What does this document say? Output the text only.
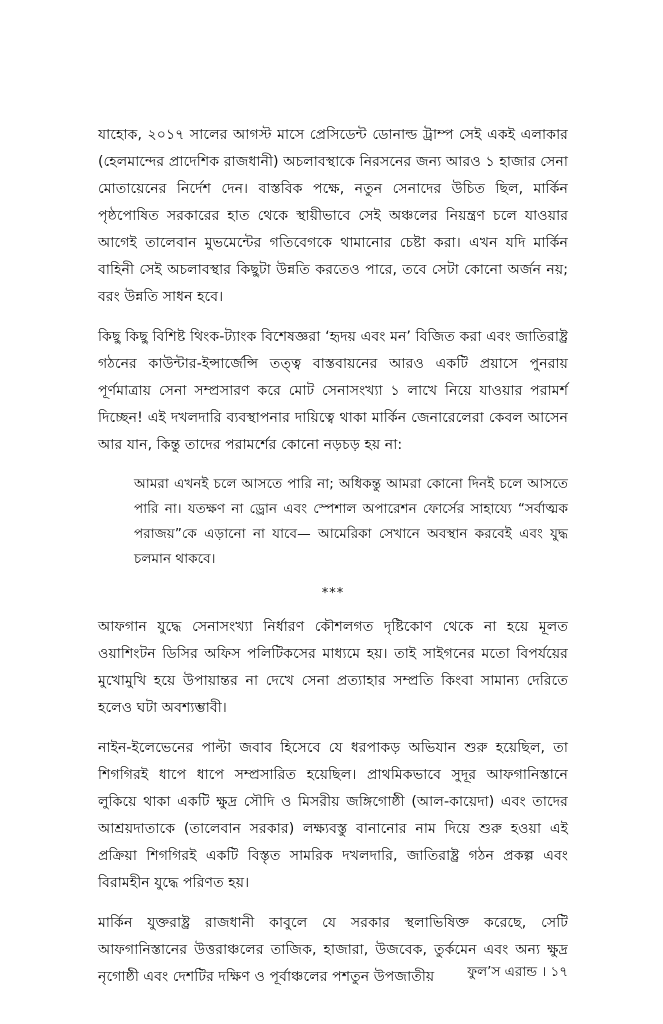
যাহোক, ২০১৭ সালের আগস্ট মাসে প্রেসিডেন্ট ডোনাল্ড ট্রাম্প সেই একই এলাকার (হেলমান্দের প্রাদেশিক রাজধানী) অচলাবস্থাকে নিরসনের জন্য আরও ১ হাজার সেনা মোতায়েনের নির্দেশ দেন। বাস্তবিক পক্ষে, নতুন সেনাদের উচিত ছিল, মার্কিন পৃষ্ঠপোষিত সরকারের হাত থেকে স্থায়ীভাবে সেই অঞ্চলের নিয়ন্ত্রণ চলে যাওয়ার আগেই তালেবান মুভমেন্টের গতিবেগকে থামানোর চেষ্টা করা। এখন যদি মার্কিন বাহিনী সেই অচলাবস্থার কিছুটা উন্নতি করতেও পারে, তবে সেটা কোনো অর্জন নয়; বরং উন্নতি সাধন হবে।

কিছু কিছু বিশিষ্ট থিংক-ট্যাংক বিশেষজ্ঞরা ‘হৃদয় এবং মন’ বিজিত করা এবং জাতিরাষ্ট্র গঠনের কাউন্টার-ইন্সার্জেন্সি তত্ত্ব বাস্তবায়নের আরও একটি প্রয়াসে পুনরায় পূর্ণমাত্রায় সেনা সম্প্রসারণ করে মোট সেনাসংখ্যা ১ লাখে নিয়ে যাওয়ার পরামর্শ দিচ্ছেন! এই দখলদারি ব্যবস্থাপনার দায়িত্বে থাকা মার্কিন জেনারেলেরা কেবল আসেন আর যান, কিন্তু তাদের পরামর্শের কোনো নড়চড় হয় না:

আমরা এখনই চলে আসতে পারি না; অধিকন্তু আমরা কোনো দিনই চলে আসতে পারি না। যতক্ষণ না ড্রোন এবং স্পেশাল অপারেশন ফোর্সের সাহায্যে “সর্বাত্মক পরাজয়”কে এড়ানো না যাবে— আমেরিকা সেখানে অবস্থান করবেই এবং যুদ্ধ চলমান থাকবে।

***

আফগান যুদ্ধে সেনাসংখ্যা নির্ধারণ কৌশলগত দৃষ্টিকোণ থেকে না হয়ে মূলত ওয়াশিংটন ডিসির অফিস পলিটিকসের মাধ্যমে হয়। তাই সাইগনের মতো বিপর্যয়ের মুখোমুখি হয়ে উপায়ান্তর না দেখে সেনা প্রত্যাহার সম্প্রতি কিংবা সামান্য দেরিতে হলেও ঘটা অবশ্যম্ভাবী।

নাইন-ইলেভেনের পাল্টা জবাব হিসেবে যে ধরপাকড় অভিযান শুরু হয়েছিল, তা শিগগিরই ধাপে ধাপে সম্প্রসারিত হয়েছিল। প্রাথমিকভাবে সুদূর আফগানিস্তানে লুকিয়ে থাকা একটি ক্ষুদ্র সৌদি ও মিসরীয় জঙ্গিগোষ্ঠী (আল-কায়েদা) এবং তাদের আশ্রয়দাতাকে (তালেবান সরকার) লক্ষ্যবস্তু বানানোর নাম দিয়ে শুরু হওয়া এই প্রক্রিয়া শিগগিরই একটি বিস্তৃত সামরিক দখলদারি, জাতিরাষ্ট্র গঠন প্রকল্প এবং বিরামহীন যুদ্ধে পরিণত হয়।

মার্কিন যুক্তরাষ্ট্র রাজধানী কাবুলে যে সরকার স্থলাভিষিক্ত করেছে, সেটি আফগানিস্তানের উত্তরাঞ্চলের তাজিক, হাজারা, উজবেক, তুর্কমেন এবং অন্য ক্ষুদ্র নৃগোষ্ঠী এবং দেশটির দক্ষিণ ও পূর্বাঞ্চলের পশতুন উপজাতীয়	ফুল’স এরান্ড । ১৭
